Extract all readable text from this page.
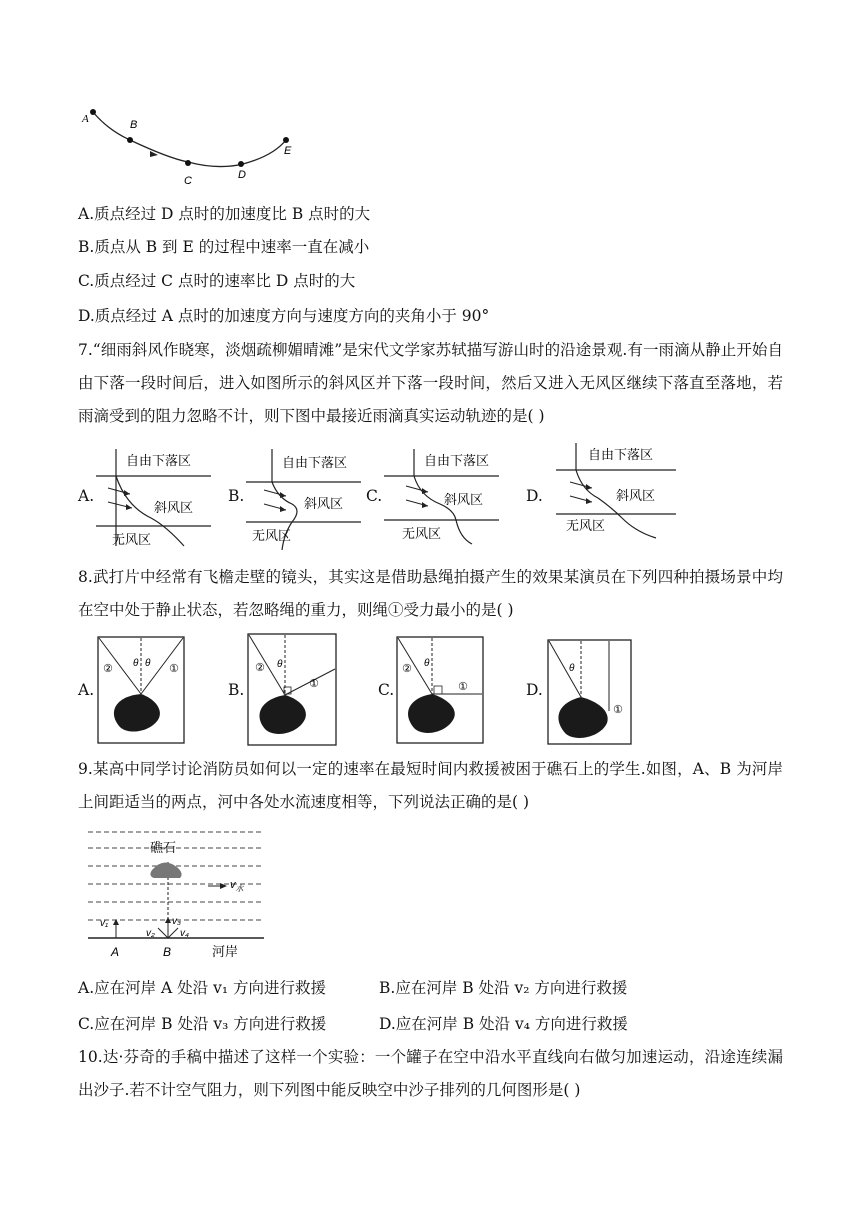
A	B
C	D
E
A.质点经过 D 点时的加速度比 B 点时的大
B.质点从 B 到 E 的过程中速率一直在减小
C.质点经过 C 点时的速率比 D 点时的大
D.质点经过 A 点时的加速度方向与速度方向的夹角小于 90°
7.“细雨斜风作晓寒，淡烟疏柳媚晴滩”是宋代文学家苏轼描写游山时的沿途景观.有一雨滴从静止开始自由下落一段时间后，进入如图所示的斜风区并下落一段时间，然后又进入无风区继续下落直至落地，若雨滴受到的阻力忽略不计，则下图中最接近雨滴真实运动轨迹的是( )
A.
自由下落区
斜风区
无风区
B.
自由下落区
斜风区
无风区
C.
自由下落区
斜风区
无风区
D.
自由下落区
斜风区
无风区
8.武打片中经常有飞檐走壁的镜头，其实这是借助悬绳拍摄产生的效果某演员在下列四种拍摄场景中均在空中处于静止状态，若忽略绳的重力，则绳①受力最小的是( )
A.
②	①
θ θ
B.
②
①
θ
C.
②
①
θ
D.
①
θ
9.某高中同学讨论消防员如何以一定的速率在最短时间内救援被困于礁石上的学生.如图，A、B 为河岸上间距适当的两点，河中各处水流速度相等，下列说法正确的是( )
礁石
$v_水$
v₁	v₃
v₂	v₄
A	B	河岸
A.应在河岸 A 处沿 v₁ 方向进行救援	B.应在河岸 B 处沿 v₂ 方向进行救援
C.应在河岸 B 处沿 v₃ 方向进行救援	D.应在河岸 B 处沿 v₄ 方向进行救援
10.达·芬奇的手稿中描述了这样一个实验：一个罐子在空中沿水平直线向右做匀加速运动，沿途连续漏出沙子.若不计空气阻力，则下列图中能反映空中沙子排列的几何图形是( )
